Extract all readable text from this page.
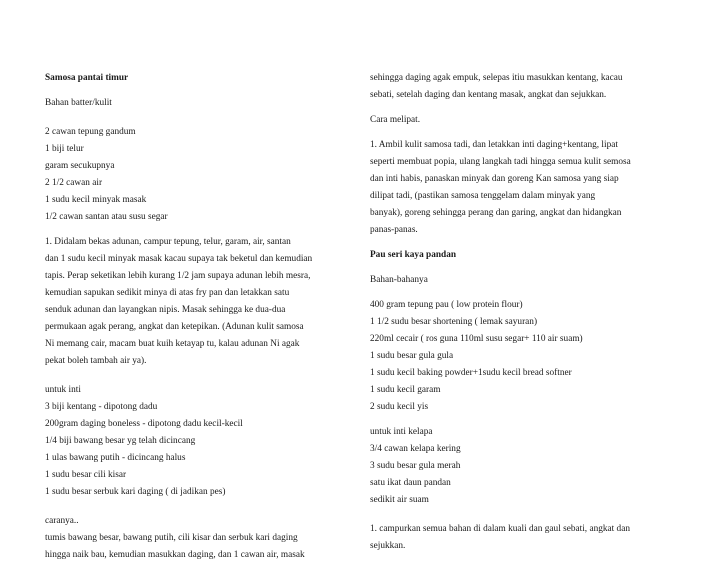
Samosa pantai timur
Bahan batter/kulit
2 cawan tepung gandum
1 biji telur
garam secukupnya
2 1/2 cawan air
1 sudu kecil minyak masak
1/2 cawan santan atau susu segar
1. Didalam bekas adunan, campur tepung, telur, garam, air, santan
dan 1 sudu kecil minyak masak kacau supaya tak beketul dan kemudian
tapis. Perap seketikan lebih kurang 1/2 jam supaya adunan lebih mesra,
kemudian sapukan sedikit minya di atas fry pan dan letakkan satu
senduk adunan dan layangkan nipis. Masak sehingga ke dua-dua
permukaan agak perang, angkat dan ketepikan. (Adunan kulit samosa
Ni memang cair, macam buat kuih ketayap tu, kalau adunan Ni agak
pekat boleh tambah air ya).
untuk inti
3 biji kentang - dipotong dadu
200gram daging boneless - dipotong dadu kecil-kecil
1/4 biji bawang besar yg telah dicincang
1 ulas bawang putih - dicincang halus
1 sudu besar cili kisar
1 sudu besar serbuk kari daging ( di jadikan pes)
caranya..
tumis bawang besar, bawang putih, cili kisar dan serbuk kari daging
hingga naik bau, kemudian masukkan daging, dan 1 cawan air, masak
sehingga daging agak empuk, selepas itiu masukkan kentang, kacau
sebati, setelah daging dan kentang masak, angkat dan sejukkan.
Cara melipat.
1. Ambil kulit samosa tadi, dan letakkan inti daging+kentang, lipat
seperti membuat popia, ulang langkah tadi hingga semua kulit semosa
dan inti habis, panaskan minyak dan goreng Kan samosa yang siap
dilipat tadi, (pastikan samosa tenggelam dalam minyak yang
banyak), goreng sehingga perang dan garing, angkat dan hidangkan
panas-panas.
Pau seri kaya pandan
Bahan-bahanya
400 gram tepung pau ( low protein flour)
1 1/2 sudu besar shortening ( lemak sayuran)
220ml cecair ( ros guna 110ml susu segar+ 110 air suam)
1 sudu besar gula gula
1 sudu kecil baking powder+1sudu kecil bread softner
1 sudu kecil garam
2 sudu kecil yis
untuk inti kelapa
3/4 cawan kelapa kering
3 sudu besar gula merah
satu ikat daun pandan
sedikit air suam
1. campurkan semua bahan di dalam kuali dan gaul sebati, angkat dan
sejukkan.
